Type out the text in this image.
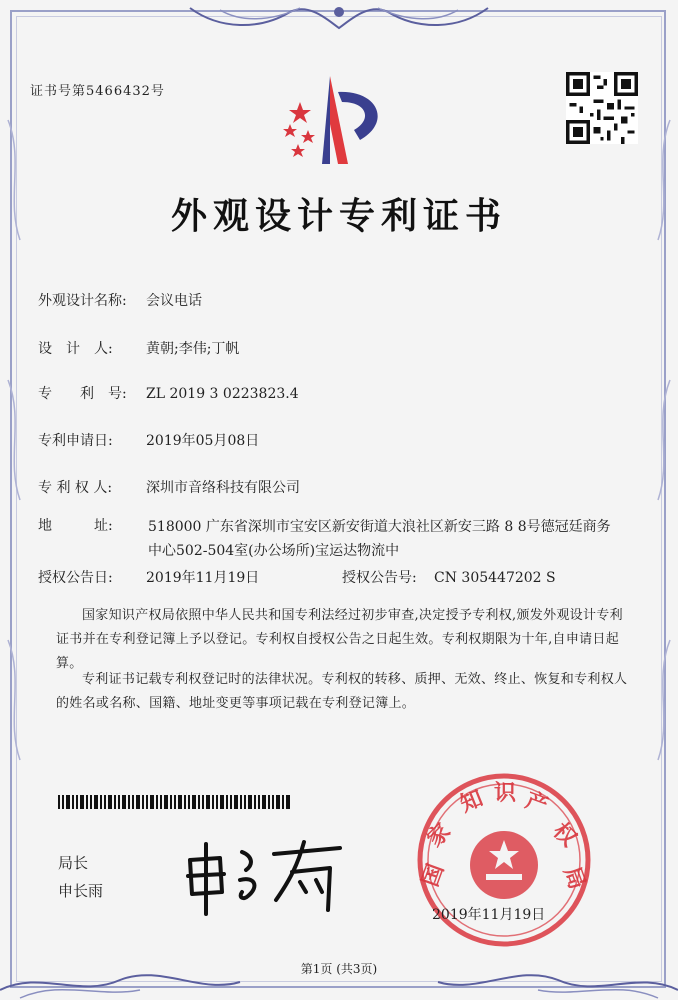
证书号第5466432号
外观设计专利证书
外观设计名称: 会议电话
设　计　人: 黄朝;李伟;丁帆
专　　利　号: ZL 2019 3 0223823.4
专利申请日: 2019年05月08日
专 利 权 人: 深圳市音络科技有限公司
地　　　址:	518000 广东省深圳市宝安区新安街道大浪社区新安三路 8 8号德冠廷商务中心502-504室(办公场所)宝运达物流中
授权公告日: 2019年11月19日	授权公告号: CN 305447202 S
国家知识产权局依照中华人民共和国专利法经过初步审查,决定授予专利权,颁发外观设计专利证书并在专利登记簿上予以登记。专利权自授权公告之日起生效。专利权期限为十年,自申请日起算。
专利证书记载专利权登记时的法律状况。专利权的转移、质押、无效、终止、恢复和专利权人的姓名或名称、国籍、地址变更等事项记载在专利登记簿上。
局长
申长雨
国
家
知 识 产
权
局
2019年11月19日
第1页 (共3页)
